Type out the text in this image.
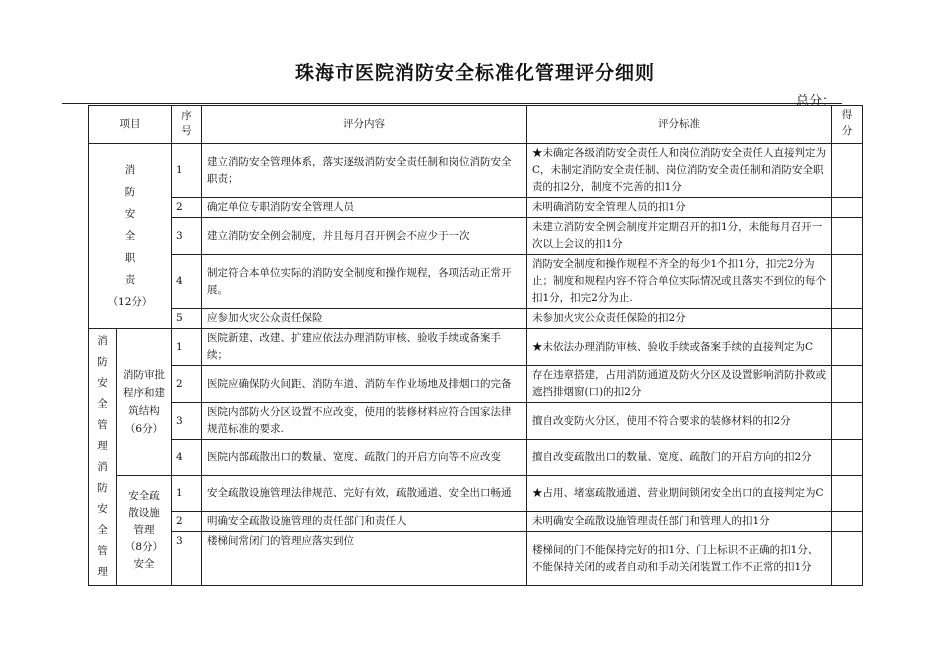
珠海市医院消防安全标准化管理评分细则
总分：
项目		序号	评分内容	评分标准	得分
消防安全职责
（12分）		1	建立消防安全管理体系，落实逐级消防安全责任制和岗位消防安全职责；	★未确定各级消防安全责任人和岗位消防安全责任人直接判定为C，未制定消防安全责任制、岗位消防安全责任制和消防安全职责的扣2分，制度不完善的扣1分	
		2	确定单位专职消防安全管理人员	未明确消防安全管理人员的扣1分	
		3	建立消防安全例会制度，并且每月召开例会不应少于一次	未建立消防安全例会制度并定期召开的扣1分，未能每月召开一次以上会议的扣1分	
		4	制定符合本单位实际的消防安全制度和操作规程，各项活动正常开展。	消防安全制度和操作规程不齐全的每少1个扣1分，扣完2分为止；制度和规程内容不符合单位实际情况或且落实不到位的每个扣1分，扣完2分为止.	
		5	应参加火灾公众责任保险	未参加火灾公众责任保险的扣2分	
消防安全管理消防安全管理	消防审批程序和建筑结构
（6分）	1	医院新建、改建、扩建应依法办理消防审核、验收手续或备案手续；	★未依法办理消防审核、验收手续或备案手续的直接判定为C	
		2	医院应确保防火间距、消防车道、消防车作业场地及排烟口的完备	存在违章搭建，占用消防通道及防火分区及设置影响消防扑救或遮挡排烟窗(口)的扣2分	
		3	医院内部防火分区设置不应改变，使用的装修材料应符合国家法律规范标准的要求.	擅自改变防火分区，使用不符合要求的装修材料的扣2分	
		4	医院内部疏散出口的数量、宽度、疏散门的开启方向等不应改变	擅自改变疏散出口的数量、宽度、疏散门的开启方向的扣2分	
	安全疏散设施管理
（8分）
安全	1	安全疏散设施管理法律规范、完好有效，疏散通道、安全出口畅通	★占用、堵塞疏散通道、营业期间锁闭安全出口的直接判定为C	
		2	明确安全疏散设施管理的责任部门和责任人	未明确安全疏散设施管理责任部门和管理人的扣1分	
		3	楼梯间常闭门的管理应落实到位	楼梯间的门不能保持完好的扣1分、门上标识不正确的扣1分、不能保持关闭的或者自动和手动关闭装置工作不正常的扣1分	
